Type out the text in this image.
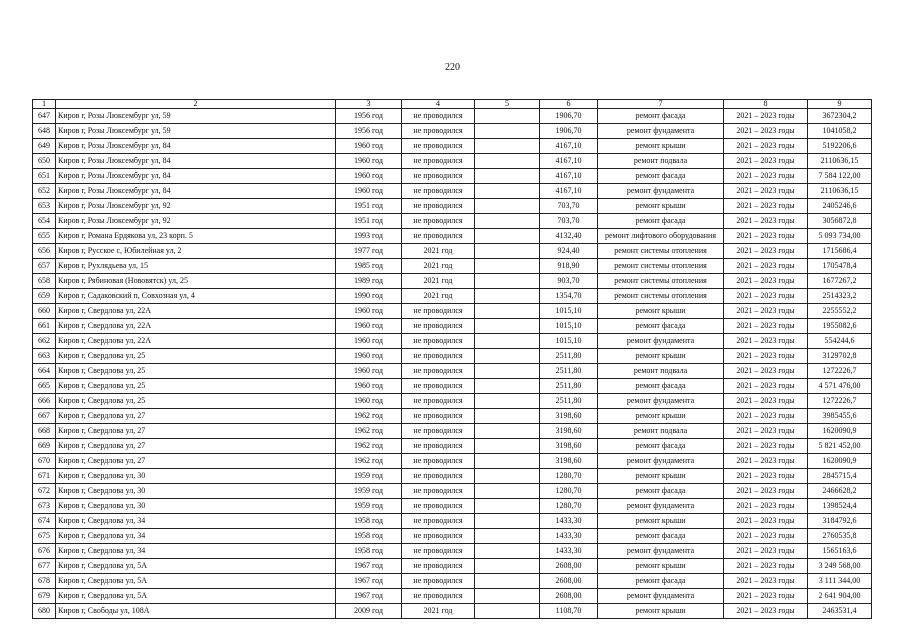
220
1	2	3	4	5	6	7	8	9
647	Киров г, Розы Люксембург ул, 59	1956 год	не проводился		1906,70	ремонт фасада	2021 – 2023 годы	3672304,2
648	Киров г, Розы Люксембург ул, 59	1956 год	не проводился		1906,70	ремонт фундамента	2021 – 2023 годы	1041058,2
649	Киров г, Розы Люксембург ул, 84	1960 год	не проводился		4167,10	ремонт крыши	2021 – 2023 годы	5192206,6
650	Киров г, Розы Люксембург ул, 84	1960 год	не проводился		4167,10	ремонт подвала	2021 – 2023 годы	2110636,15
651	Киров г, Розы Люксембург ул, 84	1960 год	не проводился		4167,10	ремонт фасада	2021 – 2023 годы	7 584 122,00
652	Киров г, Розы Люксембург ул, 84	1960 год	не проводился		4167,10	ремонт фундамента	2021 – 2023 годы	2110636,15
653	Киров г, Розы Люксембург ул, 92	1951 год	не проводился		703,70	ремонт крыши	2021 – 2023 годы	2405246,6
654	Киров г, Розы Люксембург ул, 92	1951 год	не проводился		703,70	ремонт фасада	2021 – 2023 годы	3056872,8
655	Киров г, Романа Ердякова ул, 23 корп. 5	1993 год	не проводился		4132,40	ремонт лифтового оборудования	2021 – 2023 годы	5 093 734,00
656	Киров г, Русское с, Юбилейная ул, 2	1977 год	2021 год		924,40	ремонт системы отопления	2021 – 2023 годы	1715686,4
657	Киров г, Рухлядьева ул, 15	1985 год	2021 год		918,90	ремонт системы отопления	2021 – 2023 годы	1705478,4
658	Киров г, Рябиновая (Нововятск) ул, 25	1989 год	2021 год		903,70	ремонт системы отопления	2021 – 2023 годы	1677267,2
659	Киров г, Садаковский п, Совхозная ул, 4	1990 год	2021 год		1354,70	ремонт системы отопления	2021 – 2023 годы	2514323,2
660	Киров г, Свердлова ул, 22А	1960 год	не проводился		1015,10	ремонт крыши	2021 – 2023 годы	2255552,2
661	Киров г, Свердлова ул, 22А	1960 год	не проводился		1015,10	ремонт фасада	2021 – 2023 годы	1955082,6
662	Киров г, Свердлова ул, 22А	1960 год	не проводился		1015,10	ремонт фундамента	2021 – 2023 годы	554244,6
663	Киров г, Свердлова ул, 25	1960 год	не проводился		2511,80	ремонт крыши	2021 – 2023 годы	3129702,8
664	Киров г, Свердлова ул, 25	1960 год	не проводился		2511,80	ремонт подвала	2021 – 2023 годы	1272226,7
665	Киров г, Свердлова ул, 25	1960 год	не проводился		2511,80	ремонт фасада	2021 – 2023 годы	4 571 476,00
666	Киров г, Свердлова ул, 25	1960 год	не проводился		2511,80	ремонт фундамента	2021 – 2023 годы	1272226,7
667	Киров г, Свердлова ул, 27	1962 год	не проводился		3198,60	ремонт крыши	2021 – 2023 годы	3985455,6
668	Киров г, Свердлова ул, 27	1962 год	не проводился		3198,60	ремонт подвала	2021 – 2023 годы	1620090,9
669	Киров г, Свердлова ул, 27	1962 год	не проводился		3198,60	ремонт фасада	2021 – 2023 годы	5 821 452,00
670	Киров г, Свердлова ул, 27	1962 год	не проводился		3198,60	ремонт фундамента	2021 – 2023 годы	1620090,9
671	Киров г, Свердлова ул, 30	1959 год	не проводился		1280,70	ремонт крыши	2021 – 2023 годы	2845715,4
672	Киров г, Свердлова ул, 30	1959 год	не проводился		1280,70	ремонт фасада	2021 – 2023 годы	2466628,2
673	Киров г, Свердлова ул, 30	1959 год	не проводился		1280,70	ремонт фундамента	2021 – 2023 годы	1398524,4
674	Киров г, Свердлова ул, 34	1958 год	не проводился		1433,30	ремонт крыши	2021 – 2023 годы	3184792,6
675	Киров г, Свердлова ул, 34	1958 год	не проводился		1433,30	ремонт фасада	2021 – 2023 годы	2760535,8
676	Киров г, Свердлова ул, 34	1958 год	не проводился		1433,30	ремонт фундамента	2021 – 2023 годы	1565163,6
677	Киров г, Свердлова ул, 5А	1967 год	не проводился		2608,00	ремонт крыши	2021 – 2023 годы	3 249 568,00
678	Киров г, Свердлова ул, 5А	1967 год	не проводился		2608,00	ремонт фасада	2021 – 2023 годы	3 111 344,00
679	Киров г, Свердлова ул, 5А	1967 год	не проводился		2608,00	ремонт фундамента	2021 – 2023 годы	2 641 904,00
680	Киров г, Свободы ул, 108А	2009 год	2021 год		1108,70	ремонт крыши	2021 – 2023 годы	2463531,4
